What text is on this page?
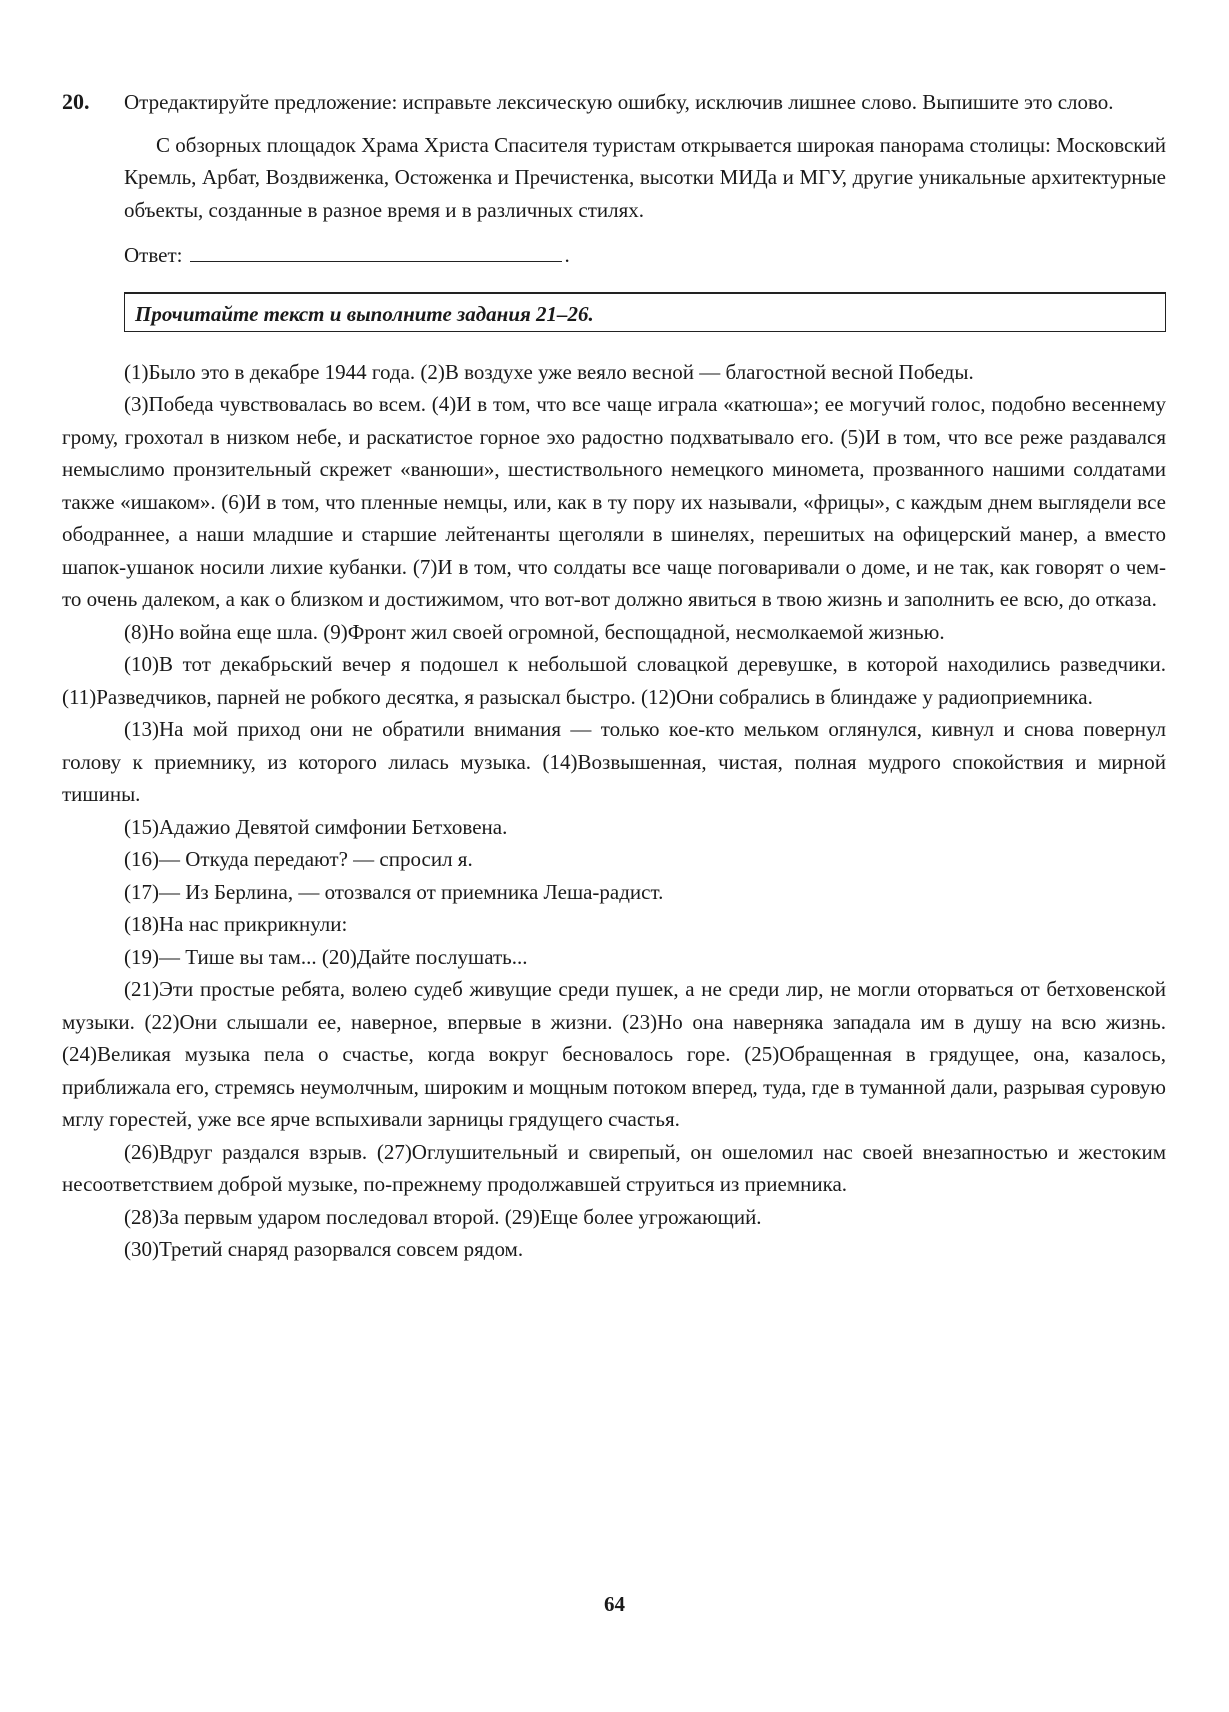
20. Отредактируйте предложение: исправьте лексическую ошибку, исключив лишнее слово. Выпишите это слово.

С обзорных площадок Храма Христа Спасителя туристам открывается широкая панорама столицы: Московский Кремль, Арбат, Воздвиженка, Остоженка и Пречистенка, высотки МИДа и МГУ, другие уникальные архитектурные объекты, созданные в разное время и в различных стилях.

Ответ:	.
Прочитайте текст и выполните задания 21–26.

(1)Было это в декабре 1944 года. (2)В воздухе уже веяло весной — благостной весной Победы.

(3)Победа чувствовалась во всем. (4)И в том, что все чаще играла «катюша»; ее могучий голос, подобно весеннему грому, грохотал в низком небе, и раскатистое горное эхо радостно подхватывало его. (5)И в том, что все реже раздавался немыслимо пронзительный скрежет «ванюши», шестиствольного немецкого миномета, прозванного нашими солдатами также «ишаком». (6)И в том, что пленные немцы, или, как в ту пору их называли, «фрицы», с каждым днем выглядели все ободраннее, а наши младшие и старшие лейтенанты щеголяли в шинелях, перешитых на офицерский манер, а вместо шапок-ушанок носили лихие кубанки. (7)И в том, что солдаты все чаще поговаривали о доме, и не так, как говорят о чем-то очень далеком, а как о близком и достижимом, что вот-вот должно явиться в твою жизнь и заполнить ее всю, до отказа.

(8)Но война еще шла. (9)Фронт жил своей огромной, беспощадной, несмолкаемой жизнью.

(10)В тот декабрьский вечер я подошел к небольшой словацкой деревушке, в которой находились разведчики. (11)Разведчиков, парней не робкого десятка, я разыскал быстро. (12)Они собрались в блиндаже у радиоприемника.

(13)На мой приход они не обратили внимания — только кое-кто мельком оглянулся, кивнул и снова повернул голову к приемнику, из которого лилась музыка. (14)Возвышенная, чистая, полная мудрого спокойствия и мирной тишины.

(15)Адажио Девятой симфонии Бетховена.

(16)— Откуда передают? — спросил я.

(17)— Из Берлина, — отозвался от приемника Леша-радист.

(18)На нас прикрикнули:

(19)— Тише вы там... (20)Дайте послушать...

(21)Эти простые ребята, волею судеб живущие среди пушек, а не среди лир, не могли оторваться от бетховенской музыки. (22)Они слышали ее, наверное, впервые в жизни. (23)Но она наверняка западала им в душу на всю жизнь. (24)Великая музыка пела о счастье, когда вокруг бесновалось горе. (25)Обращенная в грядущее, она, казалось, приближала его, стремясь неумолчным, широким и мощным потоком вперед, туда, где в туманной дали, разрывая суровую мглу горестей, уже все ярче вспыхивали зарницы грядущего счастья.

(26)Вдруг раздался взрыв. (27)Оглушительный и свирепый, он ошеломил нас своей внезапностью и жестоким несоответствием доброй музыке, по-прежнему продолжавшей струиться из приемника.

(28)За первым ударом последовал второй. (29)Еще более угрожающий.

(30)Третий снаряд разорвался совсем рядом.

64
